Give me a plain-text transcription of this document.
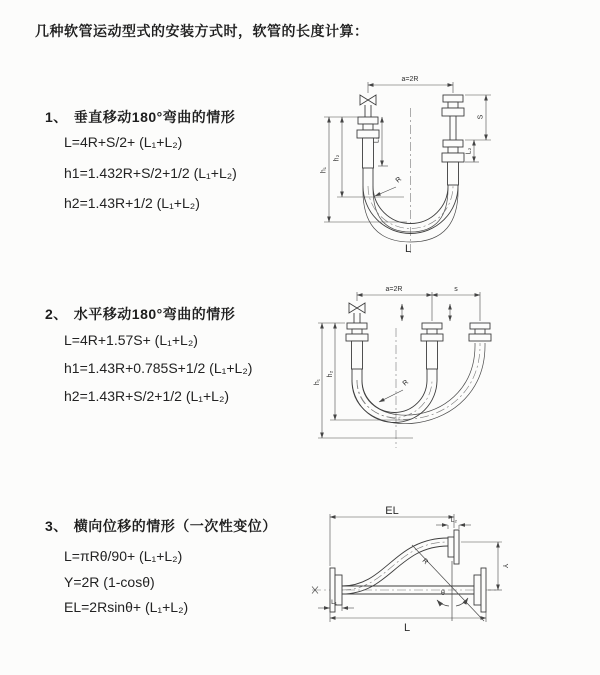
几种软管运动型式的安装方式时，软管的长度计算：
1、 垂直移动180°弯曲的情形
L=4R+S/2+ (L₁+L₂)
h1=1.432R+S/2+1/2 (L₁+L₂)
h2=1.43R+1/2 (L₁+L₂)
2、 水平移动180°弯曲的情形
L=4R+1.57S+ (L₁+L₂)
h1=1.43R+0.785S+1/2 (L₁+L₂)
h2=1.43R+S/2+1/2 (L₁+L₂)
3、 横向位移的情形（一次性变位）
L=πRθ/90+ (L₁+L₂)
Y=2R (1-cosθ)
EL=2Rsinθ+ (L₁+L₂)
a=2R
S
L₂
h₁
h₂
L₁
R
L
a=2R	s
h₁
h₂
R
EL
L₂
Y
R
θ
L
L₁
